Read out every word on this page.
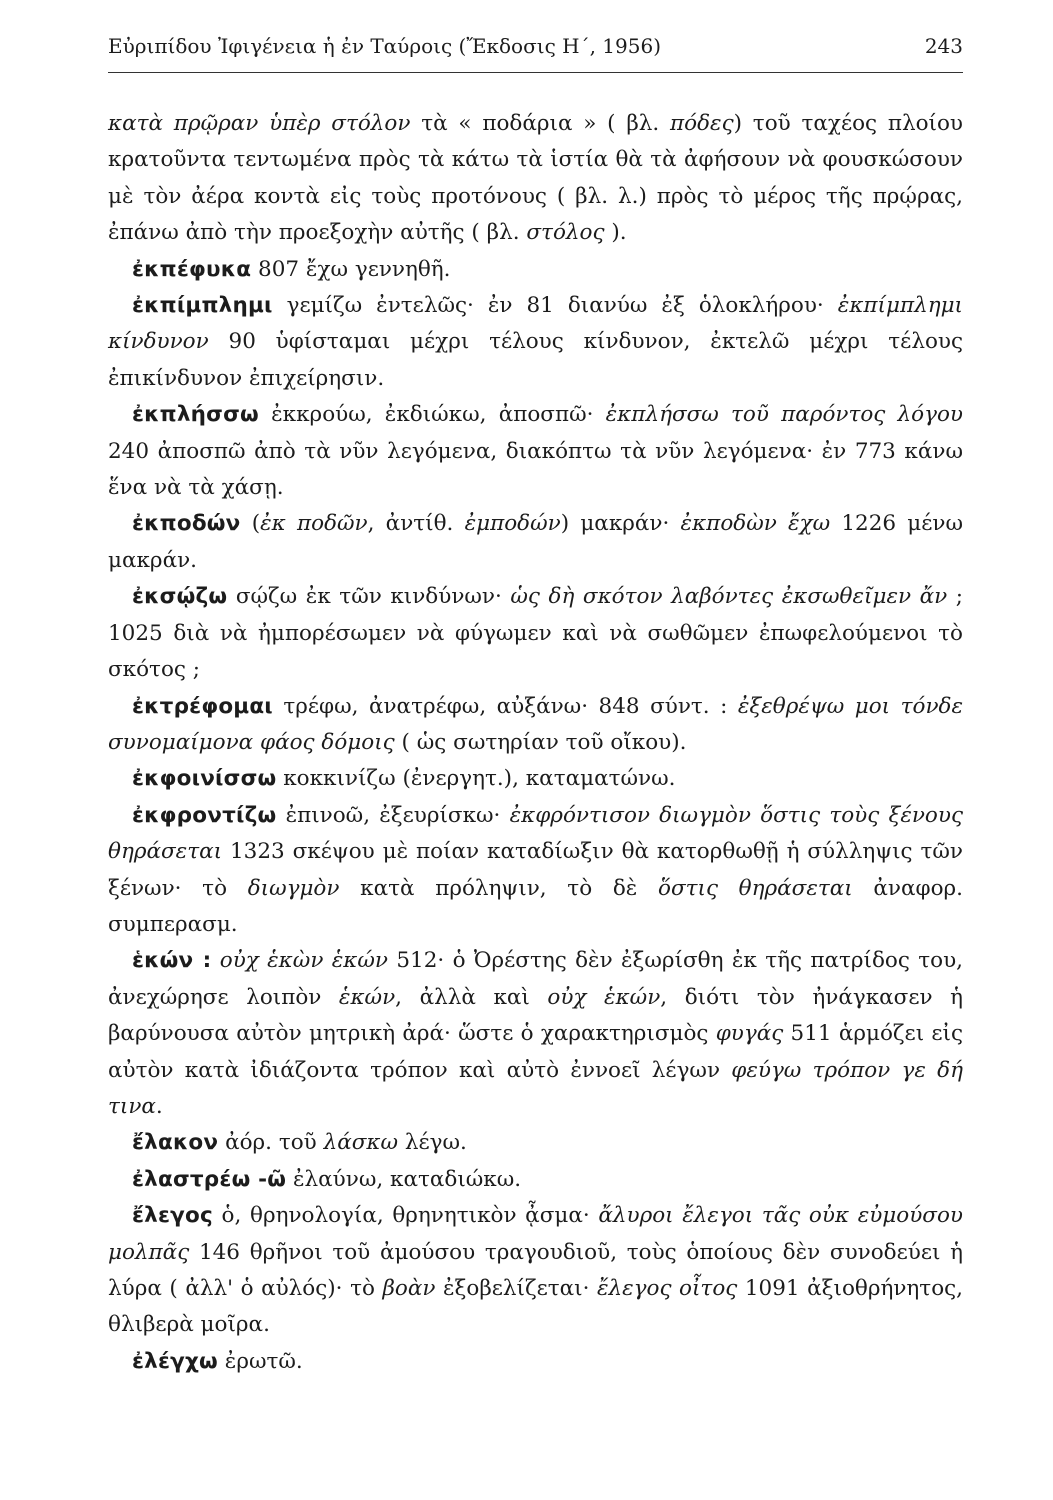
Εὐριπίδου Ἰφιγένεια ἡ ἐν Ταύροις (Ἔκδοσις Η΄, 1956)	243

κατὰ πρῷραν ὑπὲρ στόλον τὰ « ποδάρια » ( βλ. πόδες) τοῦ ταχέος πλοίου κρατοῦντα τεντωμένα πρὸς τὰ κάτω τὰ ἱστία θὰ τὰ ἀφήσουν νὰ φουσκώσουν μὲ τὸν ἀέρα κοντὰ εἰς τοὺς προτόνους ( βλ. λ.) πρὸς τὸ μέρος τῆς πρῴρας, ἐπάνω ἀπὸ τὴν προεξοχὴν αὐτῆς ( βλ. στόλος ).

ἐκπέφυκα 807 ἔχω γεννηθῆ.

ἐκπίμπλημι γεμίζω ἐντελῶς· ἐν 81 διανύω ἐξ ὁλοκλήρου· ἐκπίμπλημι κίνδυνον 90 ὑφίσταμαι μέχρι τέλους κίνδυνον, ἐκτελῶ μέχρι τέλους ἐπικίνδυνον ἐπιχείρησιν.

ἐκπλήσσω ἐκκρούω, ἐκδιώκω, ἀποσπῶ· ἐκπλήσσω τοῦ παρόντος λόγου 240 ἀποσπῶ ἀπὸ τὰ νῦν λεγόμενα, διακόπτω τὰ νῦν λεγόμενα· ἐν 773 κάνω ἕνα νὰ τὰ χάσῃ.

ἐκποδών (ἐκ ποδῶν, ἀντίθ. ἐμποδών) μακράν· ἐκποδὼν ἔχω 1226 μένω μακράν.

ἐκσῴζω σῴζω ἐκ τῶν κινδύνων· ὡς δὴ σκότον λαβόντες ἐκσωθεῖμεν ἄν ; 1025 διὰ νὰ ἠμπορέσωμεν νὰ φύγωμεν καὶ νὰ σωθῶμεν ἐπωφελούμενοι τὸ σκότος ;

ἐκτρέφομαι τρέφω, ἀνατρέφω, αὐξάνω· 848 σύντ. : ἐξεθρέψω μοι τόνδε συνομαίμονα φάος δόμοις ( ὡς σωτηρίαν τοῦ οἴκου).

ἐκφοινίσσω κοκκινίζω (ἐνεργητ.), καταματώνω.

ἐκφροντίζω ἐπινοῶ, ἐξευρίσκω· ἐκφρόντισον διωγμὸν ὅστις τοὺς ξένους θηράσεται 1323 σκέψου μὲ ποίαν καταδίωξιν θὰ κατορθωθῇ ἡ σύλληψις τῶν ξένων· τὸ διωγμὸν κατὰ πρόληψιν, τὸ δὲ ὅστις θηράσεται ἀναφορ. συμπερασμ.

ἑκών : οὐχ ἑκὼν ἑκών 512· ὁ Ὀρέστης δὲν ἐξωρίσθη ἐκ τῆς πατρίδος του, ἀνεχώρησε λοιπὸν ἑκών, ἀλλὰ καὶ οὐχ ἑκών, διότι τὸν ἠνάγκασεν ἡ βαρύνουσα αὐτὸν μητρικὴ ἀρά· ὥστε ὁ χαρακτηρισμὸς φυγάς 511 ἁρμόζει εἰς αὐτὸν κατὰ ἰδιάζοντα τρόπον καὶ αὐτὸ ἐννοεῖ λέγων φεύγω τρόπον γε δή τινα.

ἔλακον ἀόρ. τοῦ λάσκω λέγω.

ἐλαστρέω -ῶ ἐλαύνω, καταδιώκω.

ἔλεγος ὁ, θρηνολογία, θρηνητικὸν ᾆσμα· ἄλυροι ἔλεγοι τᾶς οὐκ εὐμούσου μολπᾶς 146 θρῆνοι τοῦ ἀμούσου τραγουδιοῦ, τοὺς ὁποίους δὲν συνοδεύει ἡ λύρα ( ἀλλ' ὁ αὐλός)· τὸ βοὰν ἐξοβελίζεται· ἔλεγος οἶτος 1091 ἀξιοθρήνητος, θλιβερὰ μοῖρα.

ἐλέγχω ἐρωτῶ.
